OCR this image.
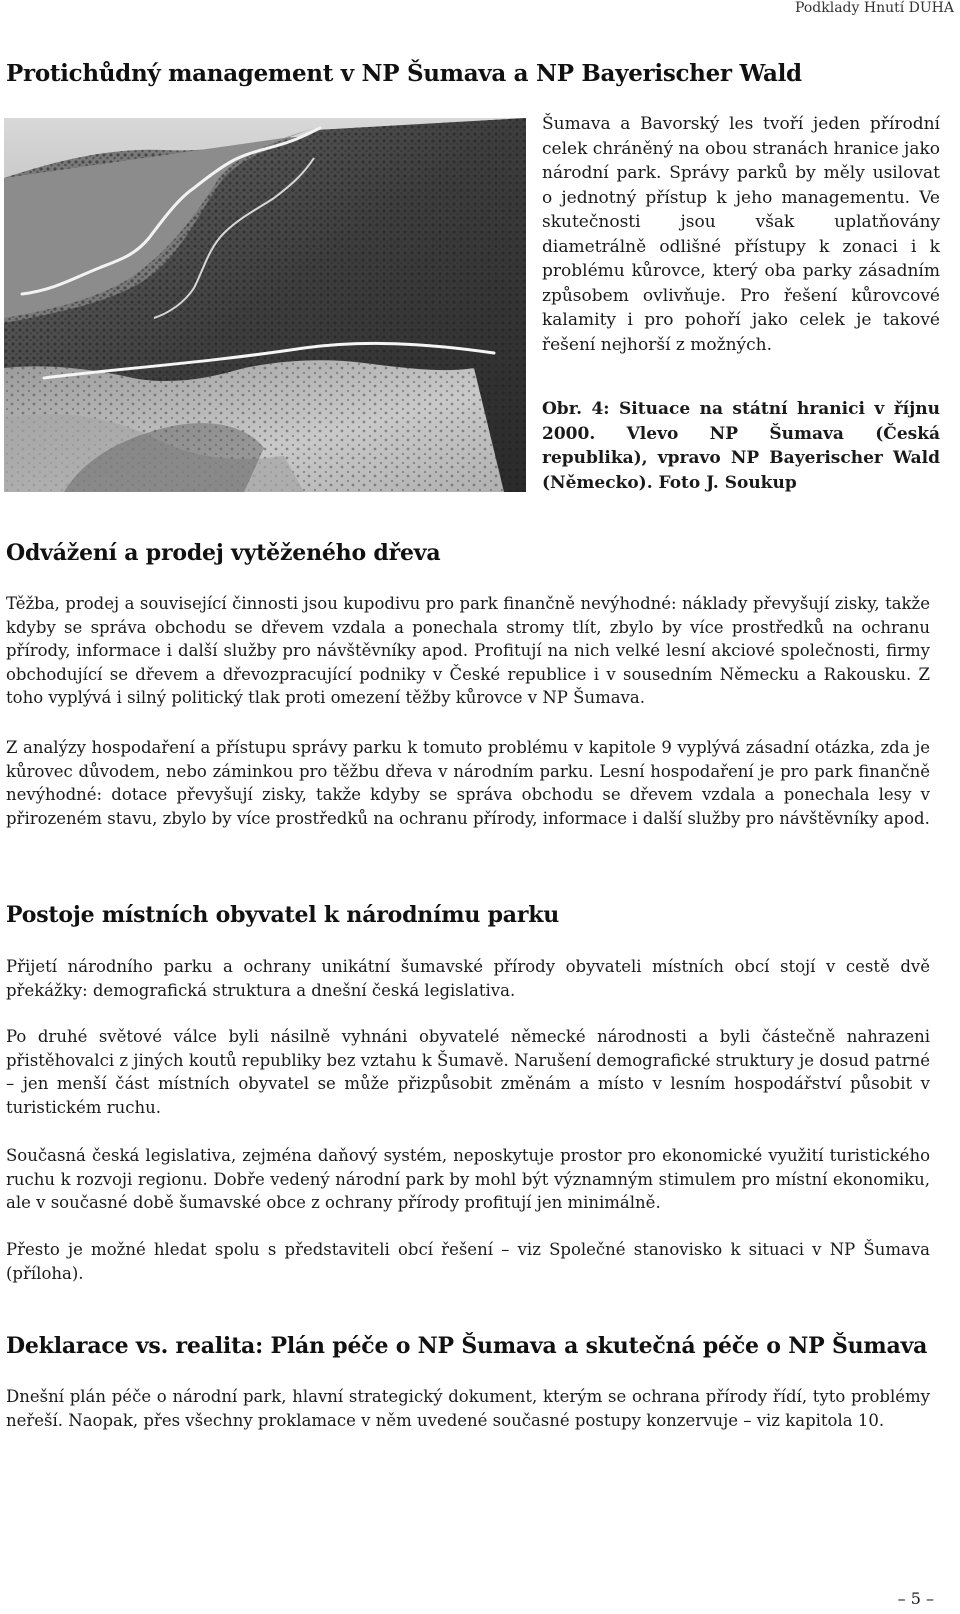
Podklady Hnutí DUHA
Protichůdný management v NP Šumava a NP Bayerischer Wald
Šumava a Bavorský les tvoří jeden přírodní celek chráněný na obou stranách hranice jako národní park. Správy parků by měly usilovat o jednotný přístup k jeho managementu. Ve skutečnosti jsou však uplatňovány diametrálně odlišné přístupy k zonaci i k problému kůrovce, který oba parky zásadním způsobem ovlivňuje. Pro řešení kůrovcové kalamity i pro pohoří jako celek je takové řešení nejhorší z možných.
Obr. 4: Situace na státní hranici v říjnu 2000. Vlevo NP Šumava (Česká republika), vpravo NP Bayerischer Wald (Německo). Foto J. Soukup
Odvážení a prodej vytěženého dřeva

Těžba, prodej a související činnosti jsou kupodivu pro park finančně nevýhodné: náklady převyšují zisky, takže kdyby se správa obchodu se dřevem vzdala a ponechala stromy tlít, zbylo by více prostředků na ochranu přírody, informace i další služby pro návštěvníky apod. Profitují na nich velké lesní akciové společnosti, firmy obchodující se dřevem a dřevozpracující podniky v České republice i v sousedním Německu a Rakousku. Z toho vyplývá i silný politický tlak proti omezení těžby kůrovce v NP Šumava.

Z analýzy hospodaření a přístupu správy parku k tomuto problému v kapitole 9 vyplývá zásadní otázka, zda je kůrovec důvodem, nebo záminkou pro těžbu dřeva v národním parku. Lesní hospodaření je pro park finančně nevýhodné: dotace převyšují zisky, takže kdyby se správa obchodu se dřevem vzdala a ponechala lesy v přirozeném stavu, zbylo by více prostředků na ochranu přírody, informace i další služby pro návštěvníky apod.

Postoje místních obyvatel k národnímu parku

Přijetí národního parku a ochrany unikátní šumavské přírody obyvateli místních obcí stojí v cestě dvě překážky: demografická struktura a dnešní česká legislativa.

Po druhé světové válce byli násilně vyhnáni obyvatelé německé národnosti a byli částečně nahrazeni přistěhovalci z jiných koutů republiky bez vztahu k Šumavě. Narušení demografické struktury je dosud patrné – jen menší část místních obyvatel se může přizpůsobit změnám a místo v lesním hospodářství působit v turistickém ruchu.

Současná česká legislativa, zejména daňový systém, neposkytuje prostor pro ekonomické využití turistického ruchu k rozvoji regionu. Dobře vedený národní park by mohl být významným stimulem pro místní ekonomiku, ale v současné době šumavské obce z ochrany přírody profitují jen minimálně.

Přesto je možné hledat spolu s představiteli obcí řešení – viz Společné stanovisko k situaci v NP Šumava (příloha).

Deklarace vs. realita: Plán péče o NP Šumava a skutečná péče o NP Šumava

Dnešní plán péče o národní park, hlavní strategický dokument, kterým se ochrana přírody řídí, tyto problémy neřeší. Naopak, přes všechny proklamace v něm uvedené současné postupy konzervuje – viz kapitola 10.

– 5 –
